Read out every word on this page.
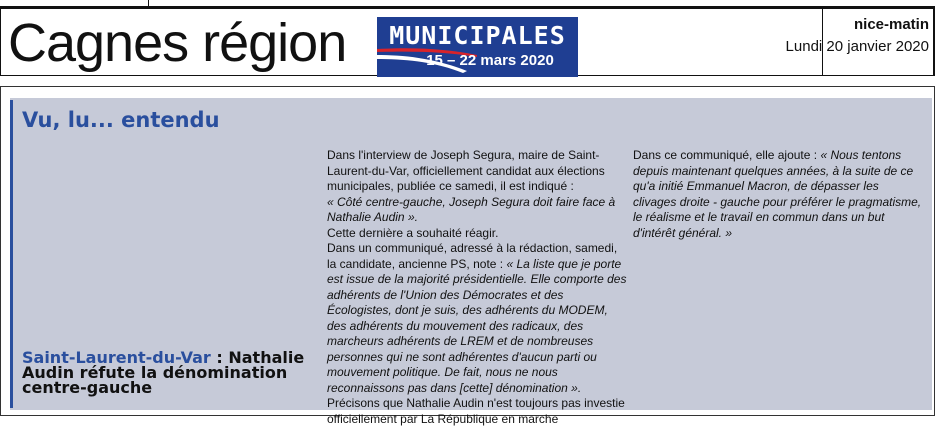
Cagnes région	MUNICIPALES
15 – 22 mars 2020
nice-matin
Lundi 20 janvier 2020
Vu, lu... entendu
Saint-Laurent-du-Var : Nathalie Audin réfute la dénomination centre-gauche

Dans l'interview de Joseph Segura, maire de Saint-Laurent-du-Var, officiellement candidat aux élections municipales, publiée ce samedi, il est indiqué :

« Côté centre-gauche, Joseph Segura doit faire face à Nathalie Audin ».

Cette dernière a souhaité réagir.

Dans un communiqué, adressé à la rédaction, samedi, la candidate, ancienne PS, note : « La liste que je porte est issue de la majorité présidentielle. Elle comporte des adhérents de l'Union des Démocrates et des Écologistes, dont je suis, des adhérents du MODEM, des adhérents du mouvement des radicaux, des marcheurs adhérents de LREM et de nombreuses personnes qui ne sont adhérentes d'aucun parti ou mouvement politique. De fait, nous ne nous reconnaissons pas dans [cette] dénomination ».

Précisons que Nathalie Audin n'est toujours pas investie officiellement par La République en marche

Dans ce communiqué, elle ajoute : « Nous tentons depuis maintenant quelques années, à la suite de ce qu'a initié Emmanuel Macron, de dépasser les clivages droite - gauche pour préférer le pragmatisme, le réalisme et le travail en commun dans un but d'intérêt général. »
